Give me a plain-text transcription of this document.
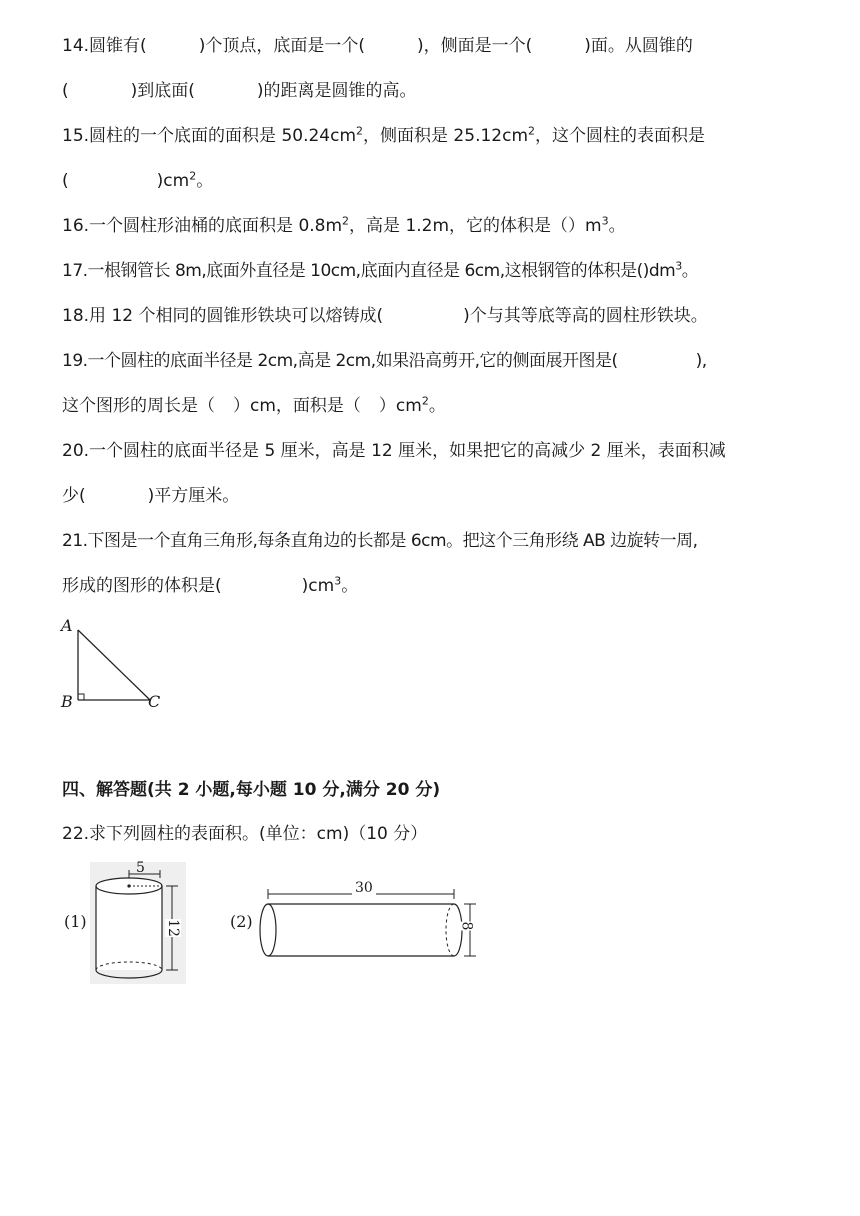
14.圆锥有(	)个顶点，底面是一个(	)，侧面是一个(	)面。从圆锥的
(	)到底面(	)的距离是圆锥的高。
15.圆柱的一个底面的面积是 $50.24cm^2$，侧面积是 $25.12cm^2$，这个圆柱的表面积是
(	)$cm^2$。
16.一个圆柱形油桶的底面积是 $0.8m^2$，高是 1.2m，它的体积是$()m^3$。
17.一根钢管长 8m,底面外直径是 10cm,底面内直径是 6cm,这根钢管的体积是$()dm^3$。
18.用 12 个相同的圆锥形铁块可以熔铸成(	)个与其等底等高的圆柱形铁块。
19.一个圆柱的底面半径是 2cm,高是 2cm,如果沿高剪开,它的侧面展开图是(	),
这个图形的周长是（ ）cm，面积是（ ）$cm^2$。
20.一个圆柱的底面半径是 5 厘米，高是 12 厘米，如果把它的高减少 2 厘米，表面积减
少(	)平方厘米。
21.下图是一个直角三角形,每条直角边的长都是 6cm。把这个三角形绕 AB 边旋转一周,
形成的图形的体积是(	)$cm^3$。
A
B	C
四、解答题(共 2 小题,每小题 10 分,满分 20 分)
22.求下列圆柱的表面积。(单位：cm)（10 分）
(1)
5
12	(2)
30
8
